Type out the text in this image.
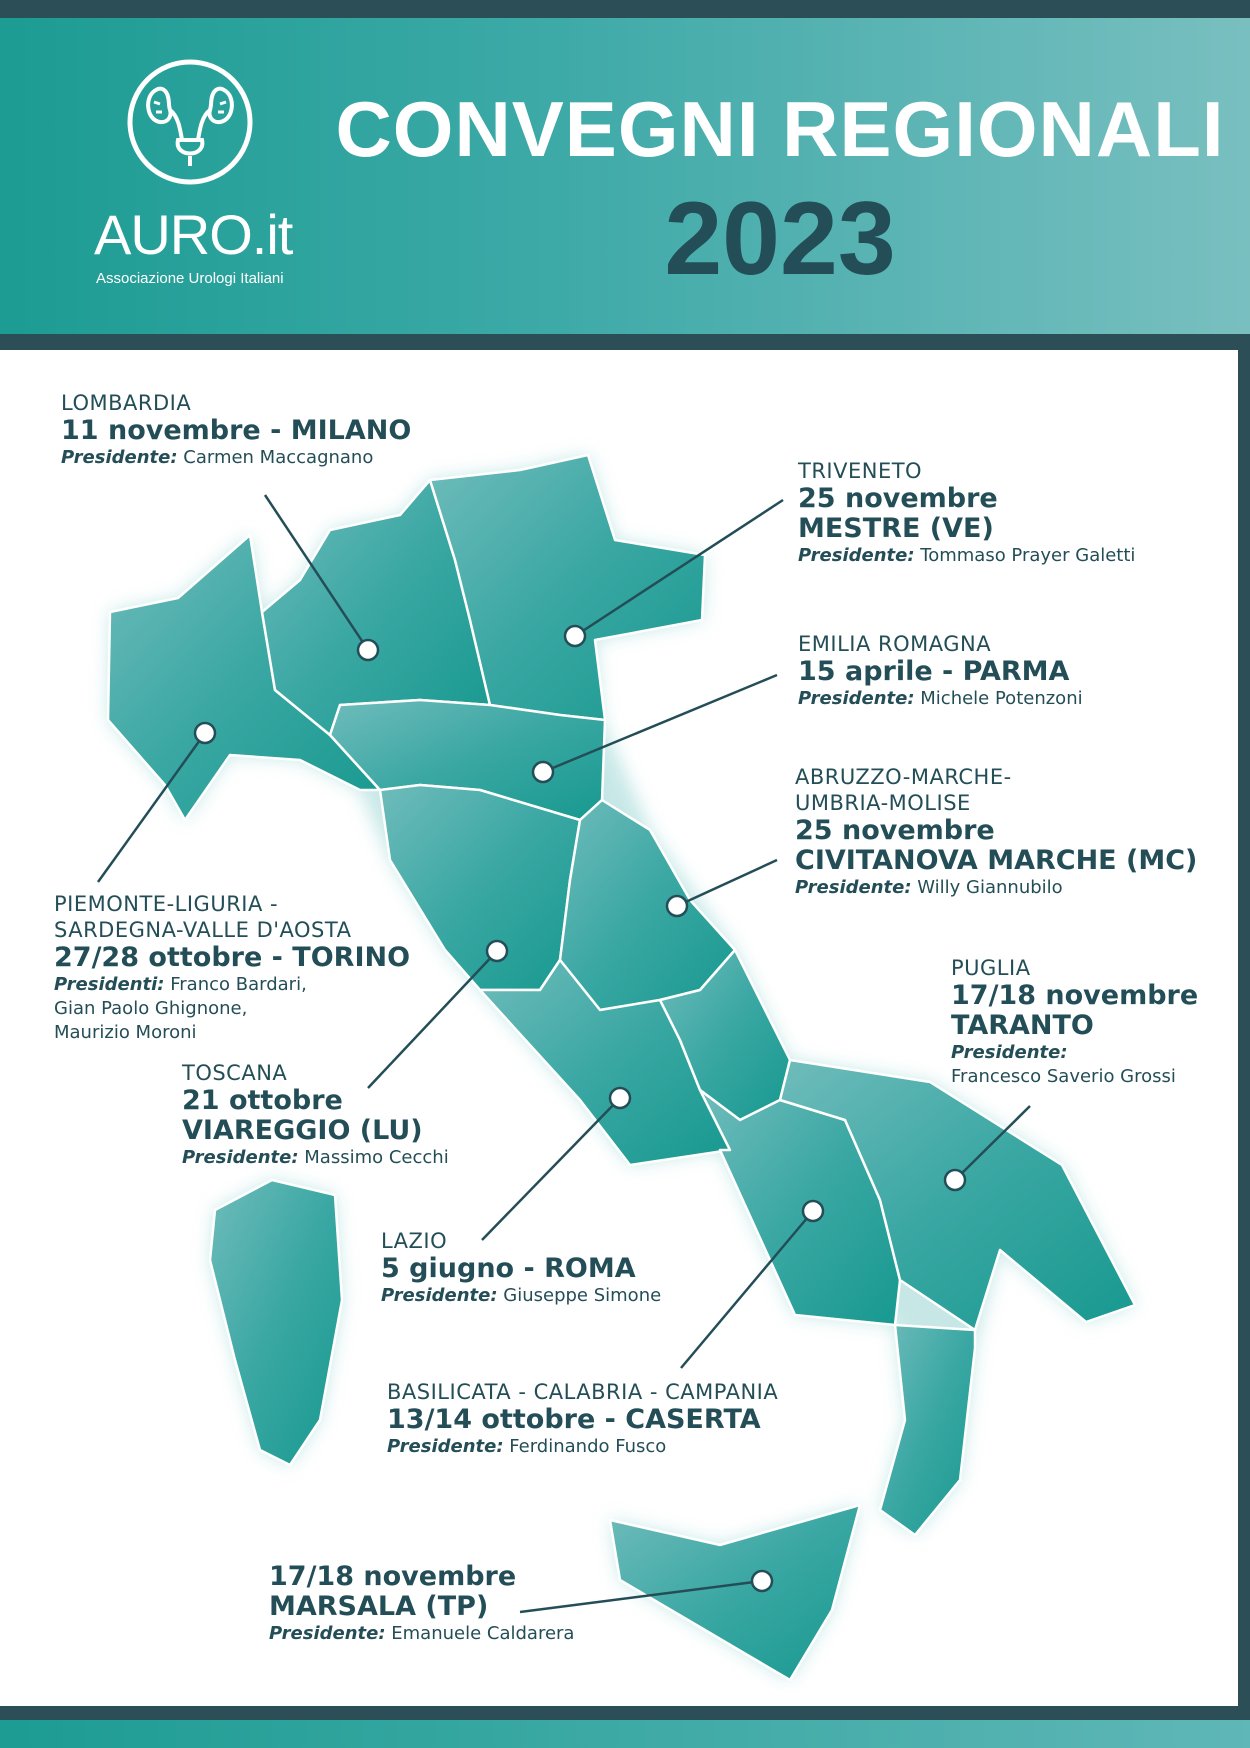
AURO.it
Associazione Urologi Italiani
CONVEGNI REGIONALI
2023
LOMBARDIA
11 novembre - MILANO
Presidente: Carmen Maccagnano
TRIVENETO
25 novembre
MESTRE (VE)
Presidente: Tommaso Prayer Galetti
EMILIA ROMAGNA
15 aprile - PARMA
Presidente: Michele Potenzoni
ABRUZZO-MARCHE-
UMBRIA-MOLISE
25 novembre
CIVITANOVA MARCHE (MC)
Presidente: Willy Giannubilo
PIEMONTE-LIGURIA -
SARDEGNA-VALLE D'AOSTA
27/28 ottobre - TORINO
Presidenti: Franco Bardari,
Gian Paolo Ghignone,
Maurizio Moroni
PUGLIA
17/18 novembre
TARANTO
Presidente:
Francesco Saverio Grossi
TOSCANA
21 ottobre
VIAREGGIO (LU)
Presidente: Massimo Cecchi
LAZIO
5 giugno - ROMA
Presidente: Giuseppe Simone
BASILICATA - CALABRIA - CAMPANIA
13/14 ottobre - CASERTA
Presidente: Ferdinando Fusco
17/18 novembre
MARSALA (TP)
Presidente: Emanuele Caldarera
